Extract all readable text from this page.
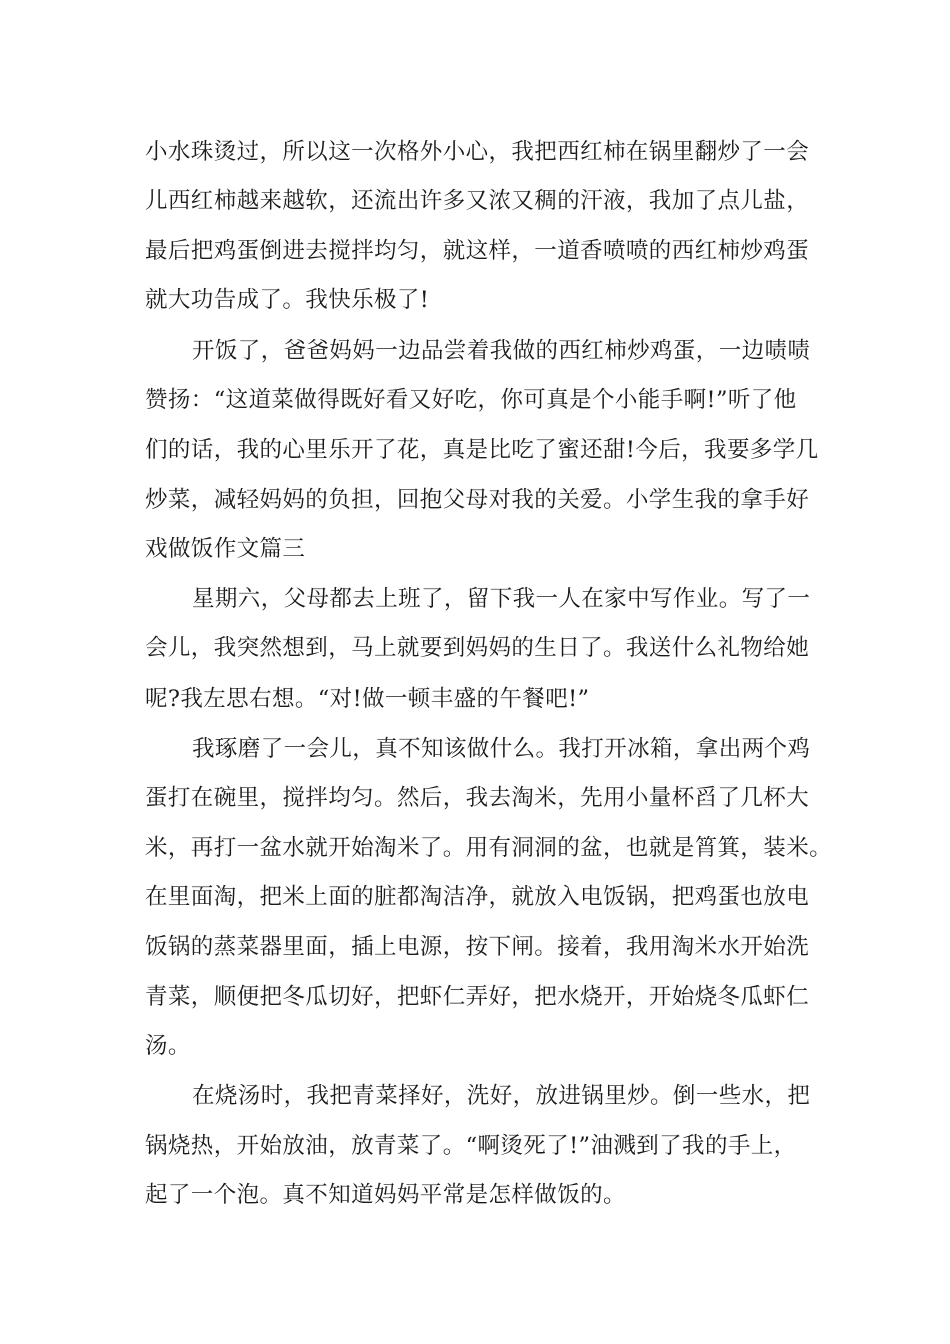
小水珠烫过，所以这一次格外小心，我把西红柿在锅里翻炒了一会
儿西红柿越来越软，还流出许多又浓又稠的汗液，我加了点儿盐，
最后把鸡蛋倒进去搅拌均匀，就这样，一道香喷喷的西红柿炒鸡蛋
就大功告成了。我快乐极了!
开饭了，爸爸妈妈一边品尝着我做的西红柿炒鸡蛋，一边啧啧
赞扬：“这道菜做得既好看又好吃，你可真是个小能手啊!”听了他
们的话，我的心里乐开了花，真是比吃了蜜还甜!今后，我要多学几
炒菜，减轻妈妈的负担，回抱父母对我的关爱。小学生我的拿手好
戏做饭作文篇三
星期六，父母都去上班了，留下我一人在家中写作业。写了一
会儿，我突然想到，马上就要到妈妈的生日了。我送什么礼物给她
呢?我左思右想。“对!做一顿丰盛的午餐吧!”
我琢磨了一会儿，真不知该做什么。我打开冰箱，拿出两个鸡
蛋打在碗里，搅拌均匀。然后，我去淘米，先用小量杯舀了几杯大
米，再打一盆水就开始淘米了。用有洞洞的盆，也就是筲箕，装米。
在里面淘，把米上面的脏都淘洁净，就放入电饭锅，把鸡蛋也放电
饭锅的蒸菜器里面，插上电源，按下闸。接着，我用淘米水开始洗
青菜，顺便把冬瓜切好，把虾仁弄好，把水烧开，开始烧冬瓜虾仁
汤。
在烧汤时，我把青菜择好，洗好，放进锅里炒。倒一些水，把
锅烧热，开始放油，放青菜了。“啊烫死了!”油溅到了我的手上，
起了一个泡。真不知道妈妈平常是怎样做饭的。
